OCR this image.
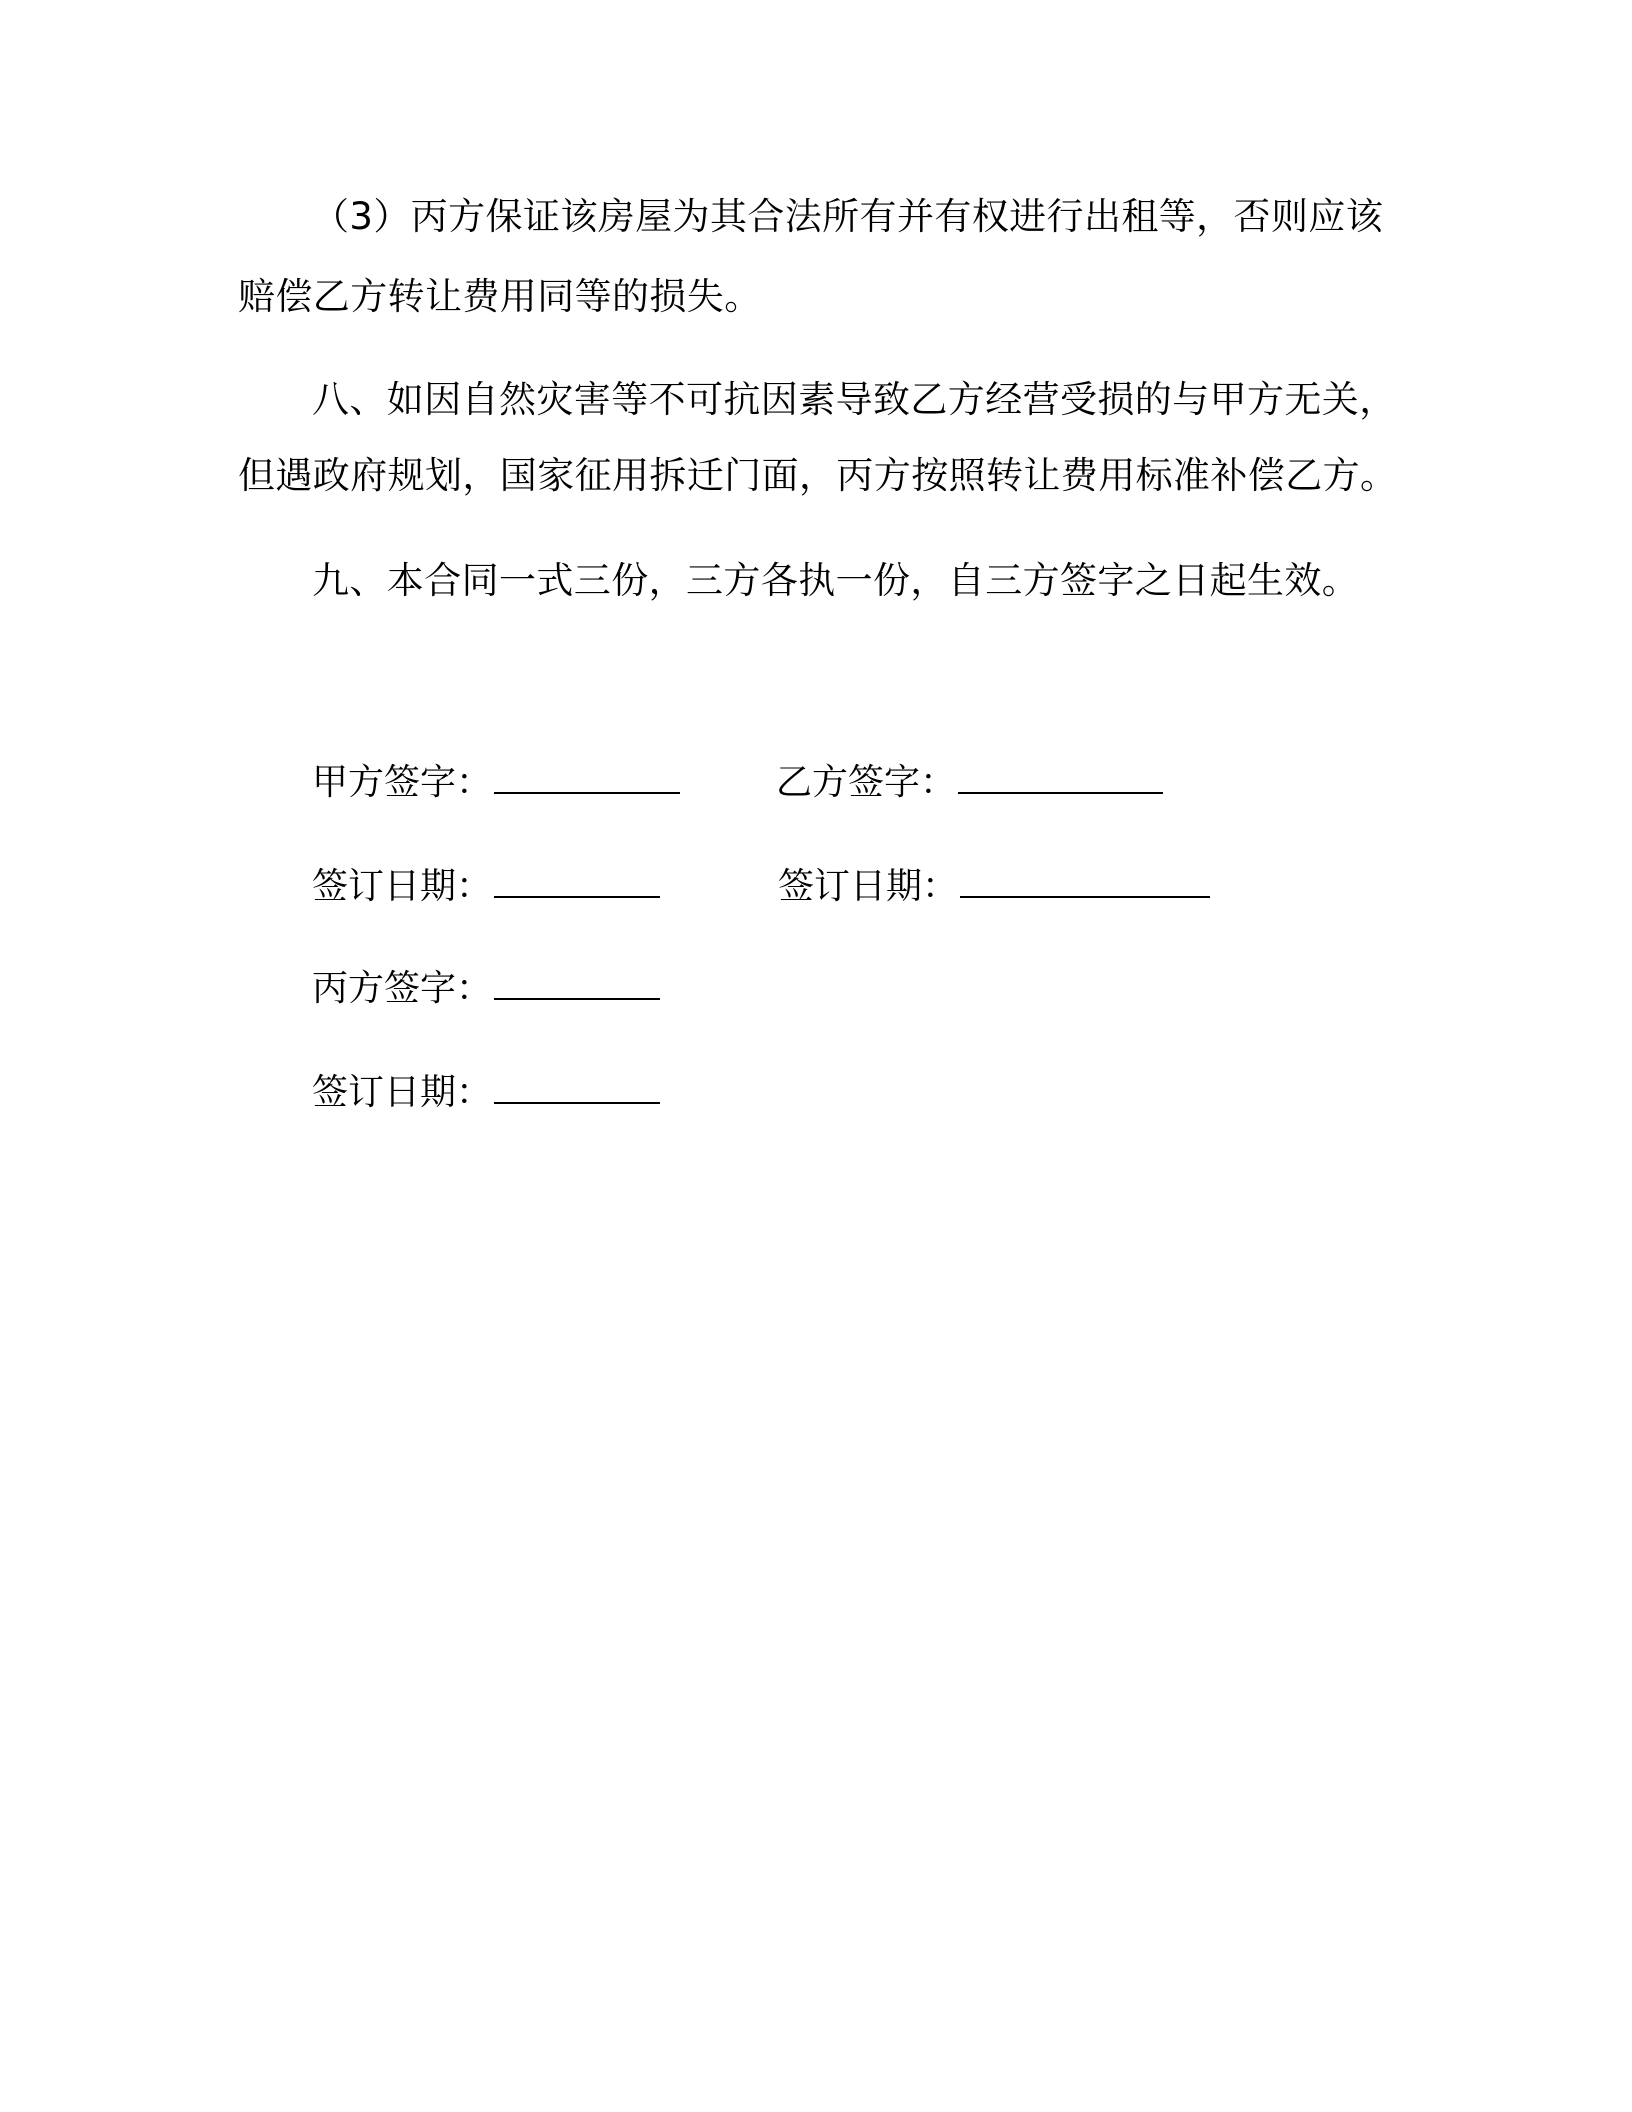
（3）丙方保证该房屋为其合法所有并有权进行出租等，否则应该
赔偿乙方转让费用同等的损失。
八、如因自然灾害等不可抗因素导致乙方经营受损的与甲方无关，
但遇政府规划，国家征用拆迁门面，丙方按照转让费用标准补偿乙方。
九、本合同一式三份，三方各执一份，自三方签字之日起生效。
甲方签字：	乙方签字：
签订日期：	签订日期：
丙方签字：
签订日期：
